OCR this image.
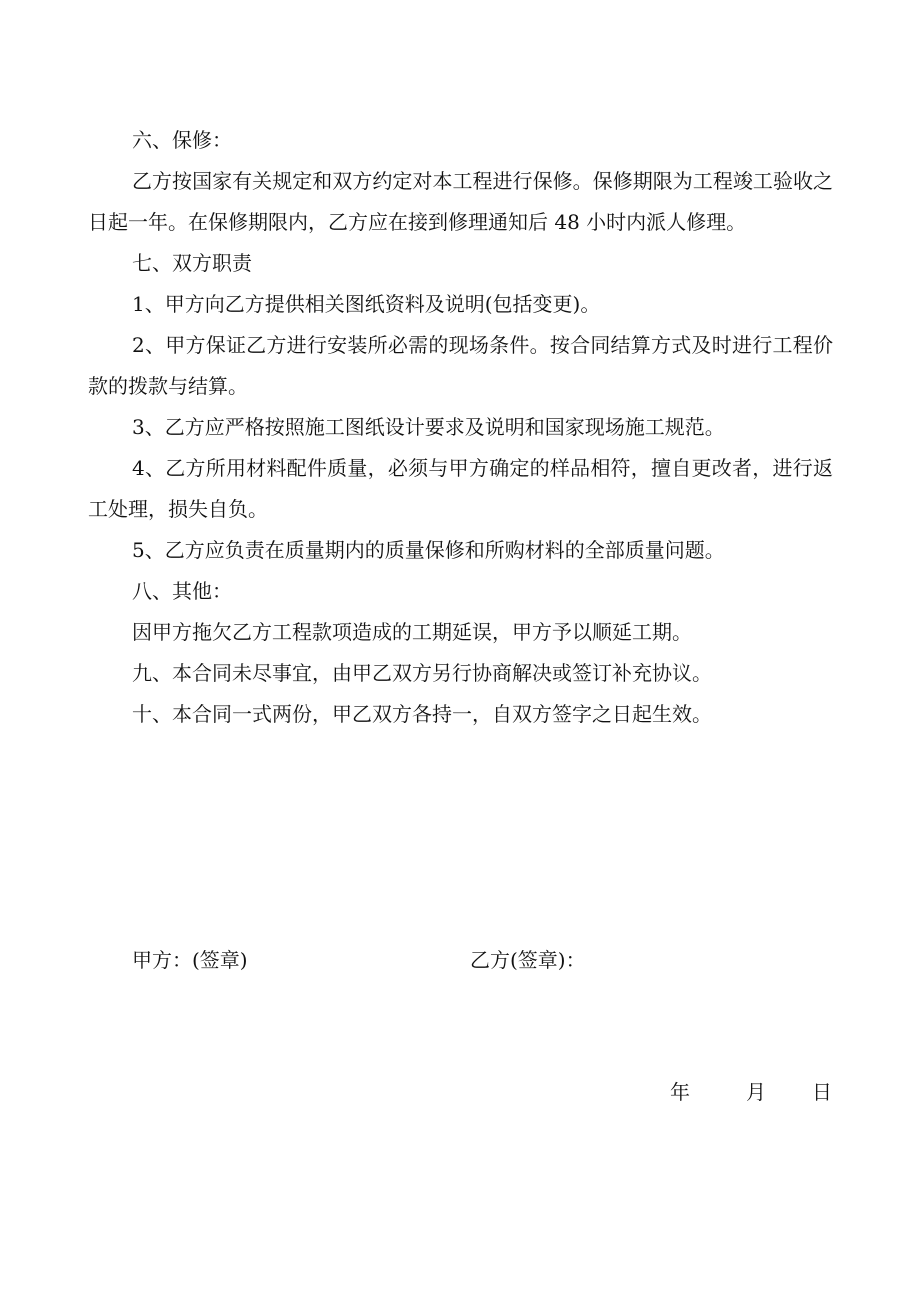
六、保修：

乙方按国家有关规定和双方约定对本工程进行保修。保修期限为工程竣工验收之日起一年。在保修期限内，乙方应在接到修理通知后 48 小时内派人修理。

七、双方职责

1、甲方向乙方提供相关图纸资料及说明(包括变更)。

2、甲方保证乙方进行安装所必需的现场条件。按合同结算方式及时进行工程价款的拨款与结算。

3、乙方应严格按照施工图纸设计要求及说明和国家现场施工规范。

4、乙方所用材料配件质量，必须与甲方确定的样品相符，擅自更改者，进行返工处理，损失自负。

5、乙方应负责在质量期内的质量保修和所购材料的全部质量问题。

八、其他：

因甲方拖欠乙方工程款项造成的工期延误，甲方予以顺延工期。

九、本合同未尽事宜，由甲乙双方另行协商解决或签订补充协议。

十、本合同一式两份，甲乙双方各持一，自双方签字之日起生效。

甲方：(签章)	乙方(签章)：
年	月 日
